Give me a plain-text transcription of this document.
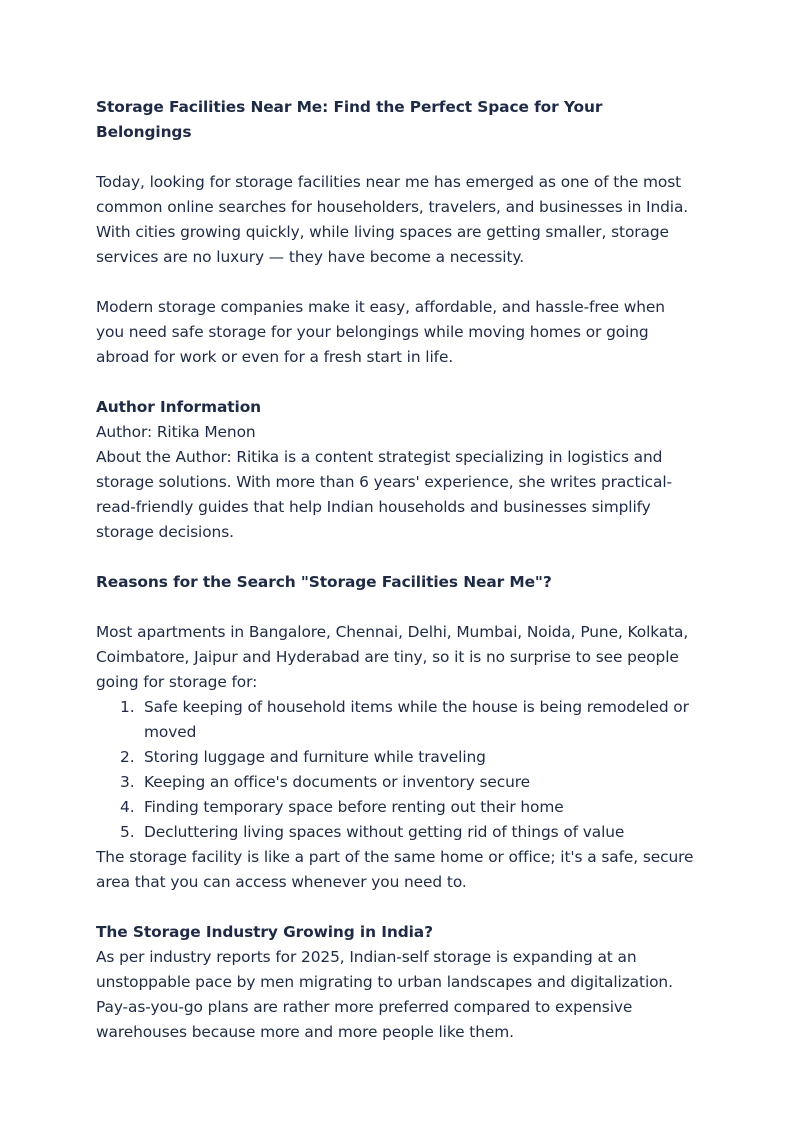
Storage Facilities Near Me: Find the Perfect Space for Your Belongings

Today, looking for storage facilities near me has emerged as one of the most common online searches for householders, travelers, and businesses in India. With cities growing quickly, while living spaces are getting smaller, storage services are no luxury — they have become a necessity.

Modern storage companies make it easy, affordable, and hassle-free when you need safe storage for your belongings while moving homes or going abroad for work or even for a fresh start in life.

Author Information

Author: Ritika Menon

About the Author: Ritika is a content strategist specializing in logistics and storage solutions. With more than 6 years' experience, she writes practical-read-friendly guides that help Indian households and businesses simplify storage decisions.

Reasons for the Search "Storage Facilities Near Me"?

Most apartments in Bangalore, Chennai, Delhi, Mumbai, Noida, Pune, Kolkata, Coimbatore, Jaipur and Hyderabad are tiny, so it is no surprise to see people going for storage for:

1. Safe keeping of household items while the house is being remodeled or moved
2. Storing luggage and furniture while traveling
3. Keeping an office's documents or inventory secure
4. Finding temporary space before renting out their home
5. Decluttering living spaces without getting rid of things of value

The storage facility is like a part of the same home or office; it's a safe, secure area that you can access whenever you need to.

The Storage Industry Growing in India?

As per industry reports for 2025, Indian-self storage is expanding at an unstoppable pace by men migrating to urban landscapes and digitalization. Pay-as-you-go plans are rather more preferred compared to expensive warehouses because more and more people like them.
